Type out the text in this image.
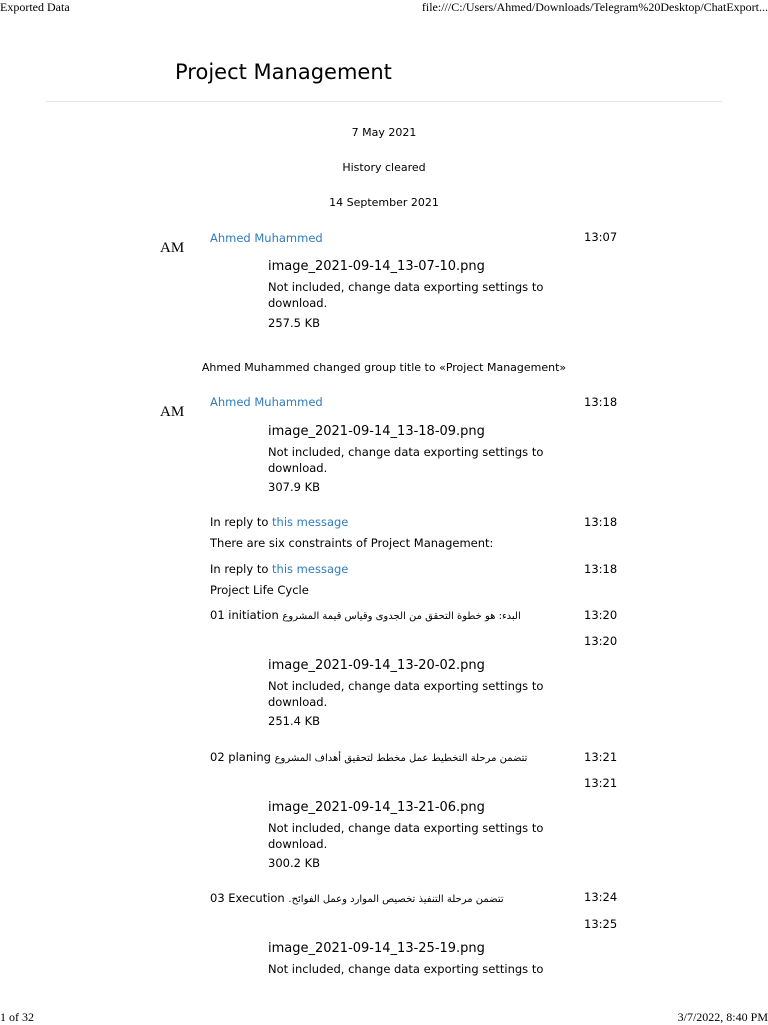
Exported Data	file:///C:/Users/Ahmed/Downloads/Telegram%20Desktop/ChatExport...
Project Management
7 May 2021
History cleared
14 September 2021
AM
Ahmed Muhammed	13:07
image_2021-09-14_13-07-10.png
Not included, change data exporting settings to download.
257.5 KB
Ahmed Muhammed changed group title to «Project Management»
AM
Ahmed Muhammed	13:18
image_2021-09-14_13-18-09.png
Not included, change data exporting settings to download.
307.9 KB
In reply to this message	13:18
There are six constraints of Project Management:
In reply to this message	13:18
Project Life Cycle
01 initiation البدء: هو خطوة التحقق من الجدوى وقياس قيمة المشروع	13:20
13:20
image_2021-09-14_13-20-02.png
Not included, change data exporting settings to download.
251.4 KB
02 planing تتضمن مرحلة التخطيط عمل مخطط لتحقيق أهداف المشروع	13:21
13:21
image_2021-09-14_13-21-06.png
Not included, change data exporting settings to download.
300.2 KB
03 Execution تتضمن مرحلة التنفيذ تخصيص الموارد وعمل الفوائح.	13:24
13:25
image_2021-09-14_13-25-19.png
Not included, change data exporting settings to
1 of 32	3/7/2022, 8:40 PM
